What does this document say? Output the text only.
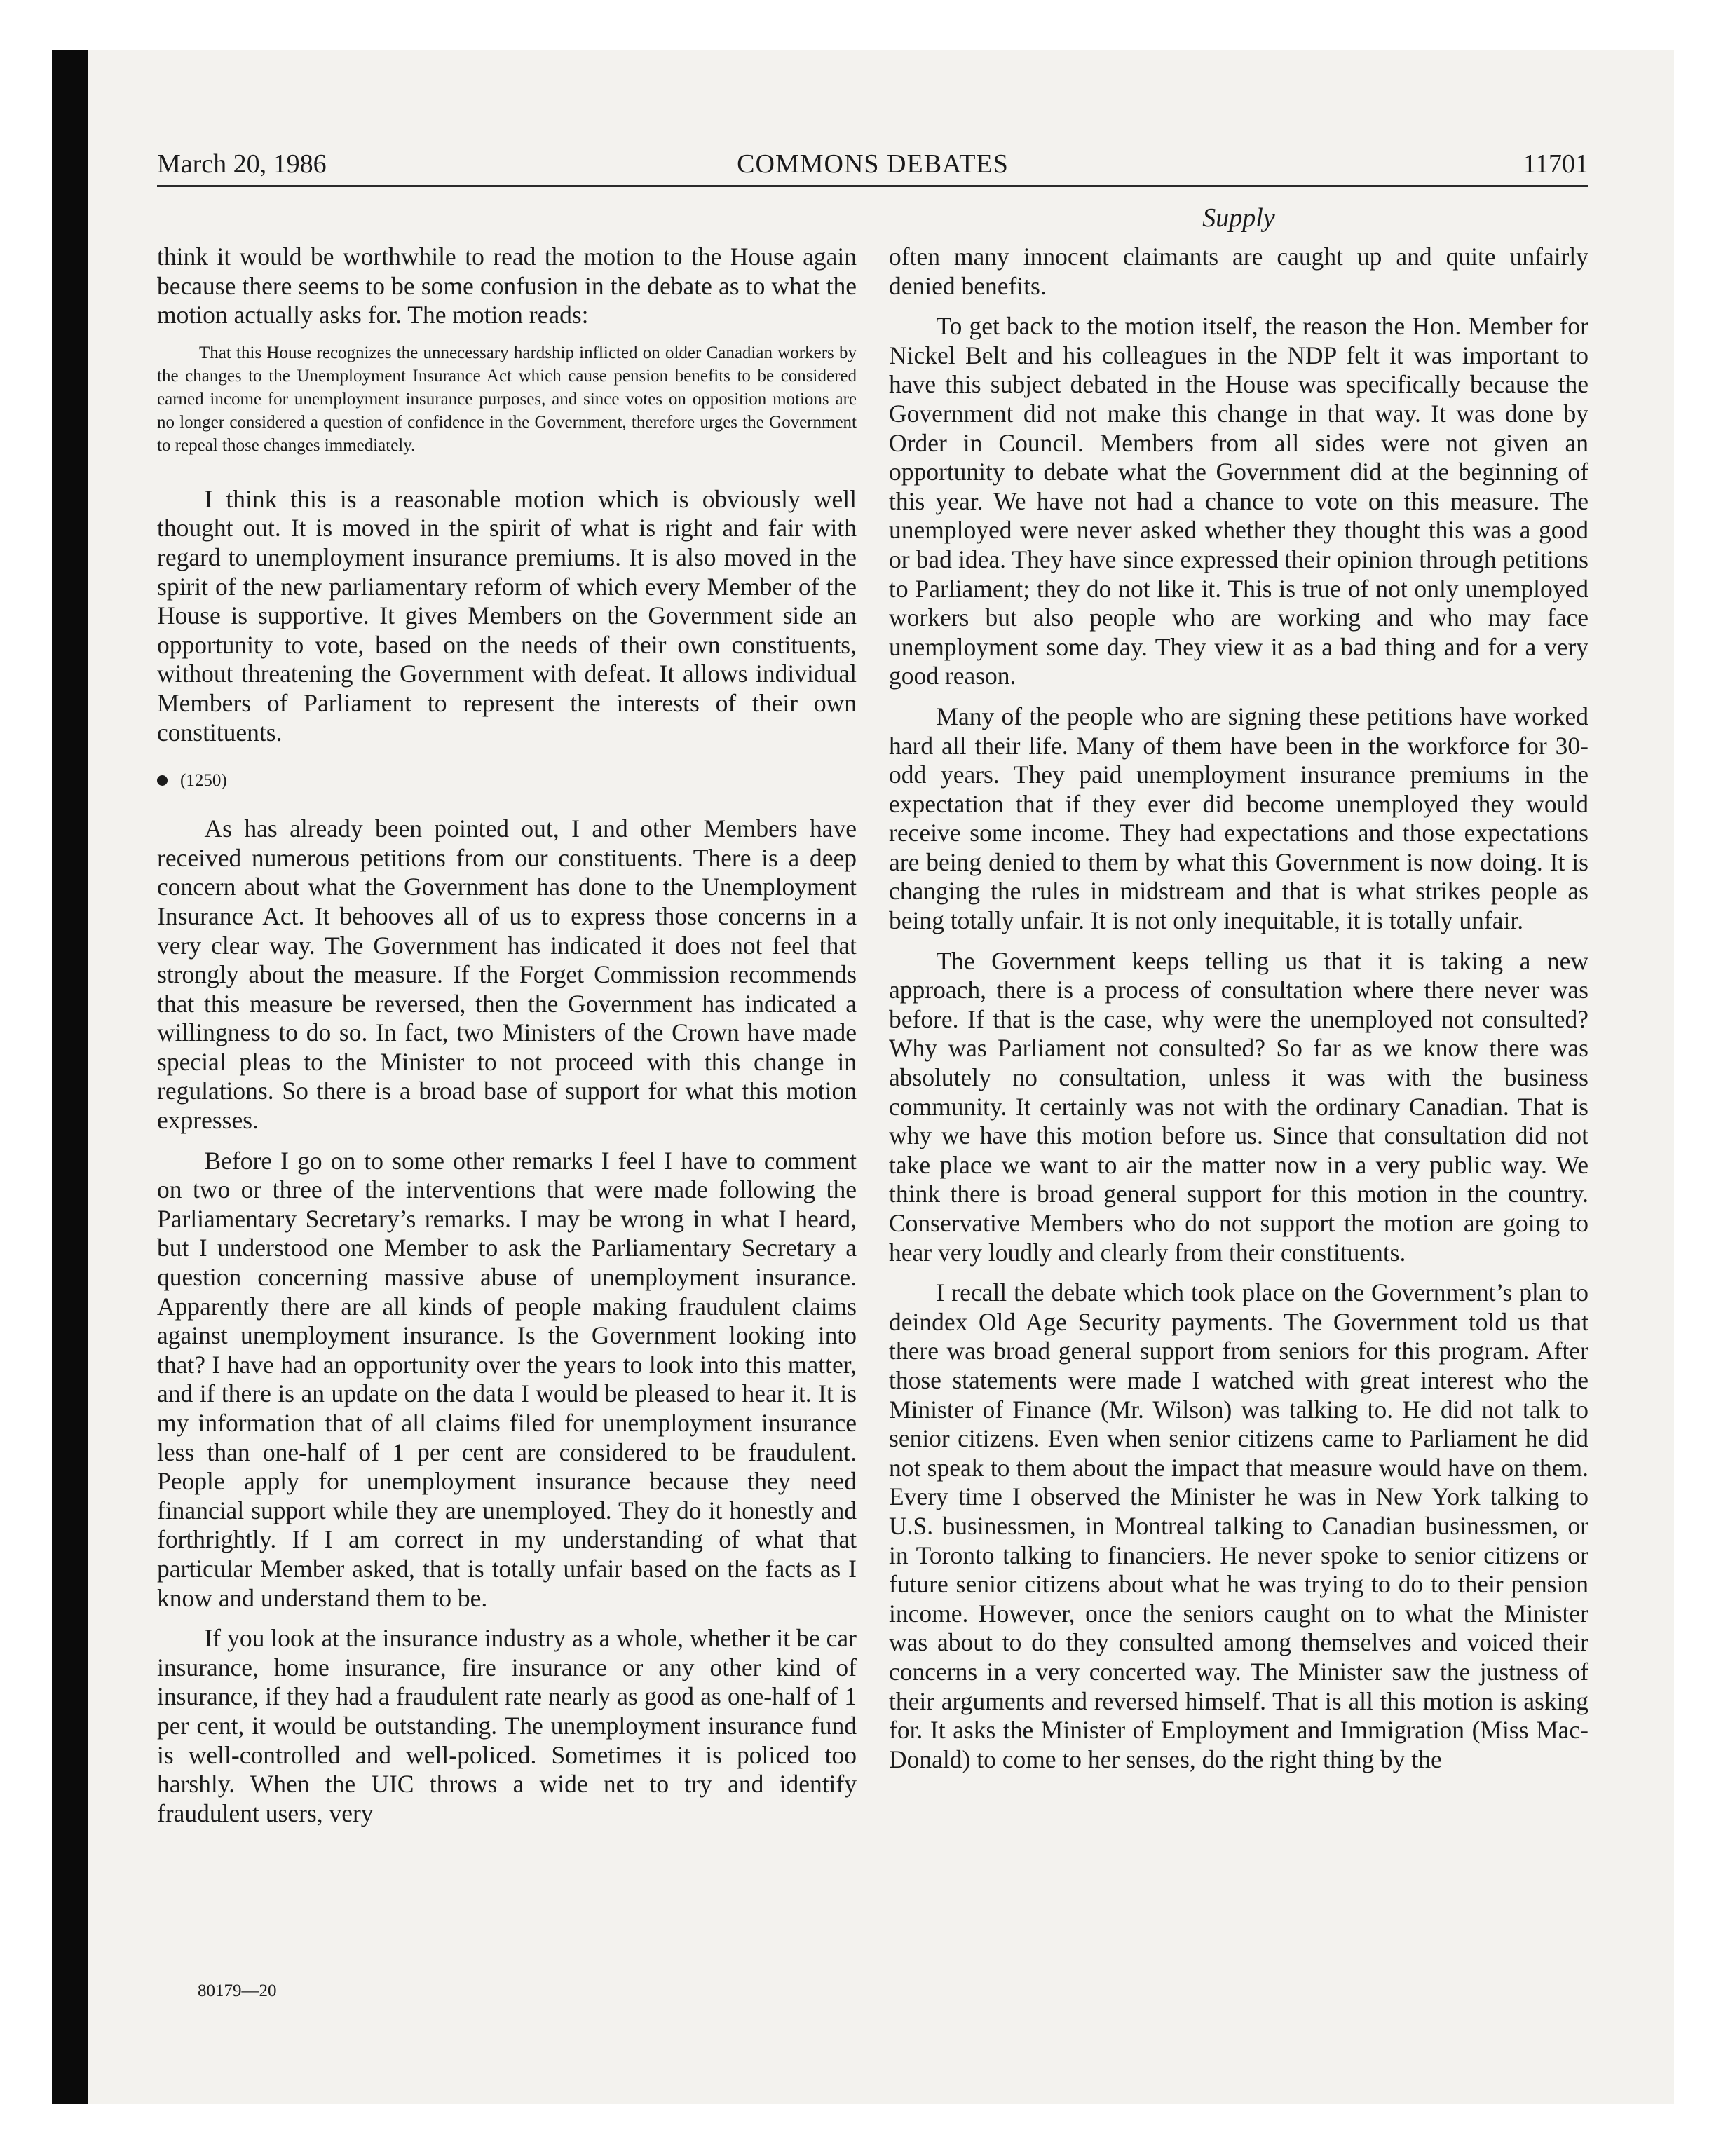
March 20, 1986	COMMONS DEBATES	11701
Supply

think it would be worthwhile to read the motion to the House again because there seems to be some confusion in the debate as to what the motion actually asks for. The motion reads:

That this House recognizes the unnecessary hardship inflicted on older Canadian workers by the changes to the Unemployment Insurance Act which cause pension benefits to be considered earned income for unemployment insurance purposes, and since votes on opposition motions are no longer considered a question of confidence in the Government, therefore urges the Government to repeal those changes immediately.

I think this is a reasonable motion which is obviously well thought out. It is moved in the spirit of what is right and fair with regard to unemployment insurance premiums. It is also moved in the spirit of the new parliamentary reform of which every Member of the House is supportive. It gives Members on the Government side an opportunity to vote, based on the needs of their own constituents, without threatening the Government with defeat. It allows individual Members of Parliament to represent the interests of their own constituents.

(1250)

As has already been pointed out, I and other Members have received numerous petitions from our constituents. There is a deep concern about what the Government has done to the Unemployment Insurance Act. It behooves all of us to express those concerns in a very clear way. The Government has indicated it does not feel that strongly about the measure. If the Forget Commission recommends that this measure be reversed, then the Government has indicated a willingness to do so. In fact, two Ministers of the Crown have made special pleas to the Minister to not proceed with this change in regulations. So there is a broad base of support for what this motion expresses.

Before I go on to some other remarks I feel I have to comment on two or three of the interventions that were made following the Parliamentary Secretary’s remarks. I may be wrong in what I heard, but I understood one Member to ask the Parliamentary Secretary a question concerning massive abuse of unemployment insurance. Apparently there are all kinds of people making fraudulent claims against unemployment insurance. Is the Government looking into that? I have had an opportunity over the years to look into this matter, and if there is an update on the data I would be pleased to hear it. It is my information that of all claims filed for unemployment insurance less than one-half of 1 per cent are considered to be fraudulent. People apply for unemployment insurance because they need financial support while they are unemployed. They do it honestly and forthrightly. If I am correct in my understanding of what that particular Member asked, that is totally unfair based on the facts as I know and understand them to be.

If you look at the insurance industry as a whole, whether it be car insurance, home insurance, fire insurance or any other kind of insurance, if they had a fraudulent rate nearly as good as one-half of 1 per cent, it would be outstanding. The unemployment insurance fund is well-controlled and well-policed. Sometimes it is policed too harshly. When the UIC throws a wide net to try and identify fraudulent users, very

often many innocent claimants are caught up and quite unfairly denied benefits.

To get back to the motion itself, the reason the Hon. Member for Nickel Belt and his colleagues in the NDP felt it was important to have this subject debated in the House was specifically because the Government did not make this change in that way. It was done by Order in Council. Members from all sides were not given an opportunity to debate what the Government did at the beginning of this year. We have not had a chance to vote on this measure. The unemployed were never asked whether they thought this was a good or bad idea. They have since expressed their opinion through petitions to Parliament; they do not like it. This is true of not only unemployed workers but also people who are working and who may face unemployment some day. They view it as a bad thing and for a very good reason.

Many of the people who are signing these petitions have worked hard all their life. Many of them have been in the workforce for 30-odd years. They paid unemployment insurance premiums in the expectation that if they ever did become unemployed they would receive some income. They had expectations and those expectations are being denied to them by what this Government is now doing. It is changing the rules in midstream and that is what strikes people as being totally unfair. It is not only inequitable, it is totally unfair.

The Government keeps telling us that it is taking a new approach, there is a process of consultation where there never was before. If that is the case, why were the unemployed not consulted? Why was Parliament not consulted? So far as we know there was absolutely no consultation, unless it was with the business community. It certainly was not with the ordinary Canadian. That is why we have this motion before us. Since that consultation did not take place we want to air the matter now in a very public way. We think there is broad general support for this motion in the country. Conservative Members who do not support the motion are going to hear very loudly and clearly from their constituents.

I recall the debate which took place on the Government’s plan to deindex Old Age Security payments. The Government told us that there was broad general support from seniors for this program. After those statements were made I watched with great interest who the Minister of Finance (Mr. Wilson) was talking to. He did not talk to senior citizens. Even when senior citizens came to Parliament he did not speak to them about the impact that measure would have on them. Every time I observed the Minister he was in New York talking to U.S. businessmen, in Montreal talking to Canadian businessmen, or in Toronto talking to financiers. He never spoke to senior citizens or future senior citizens about what he was trying to do to their pension income. However, once the seniors caught on to what the Minister was about to do they consulted among themselves and voiced their concerns in a very concerted way. The Minister saw the justness of their arguments and reversed himself. That is all this motion is asking for. It asks the Minister of Employment and Immigration (Miss MacDonald) to come to her senses, do the right thing by the

80179—20
